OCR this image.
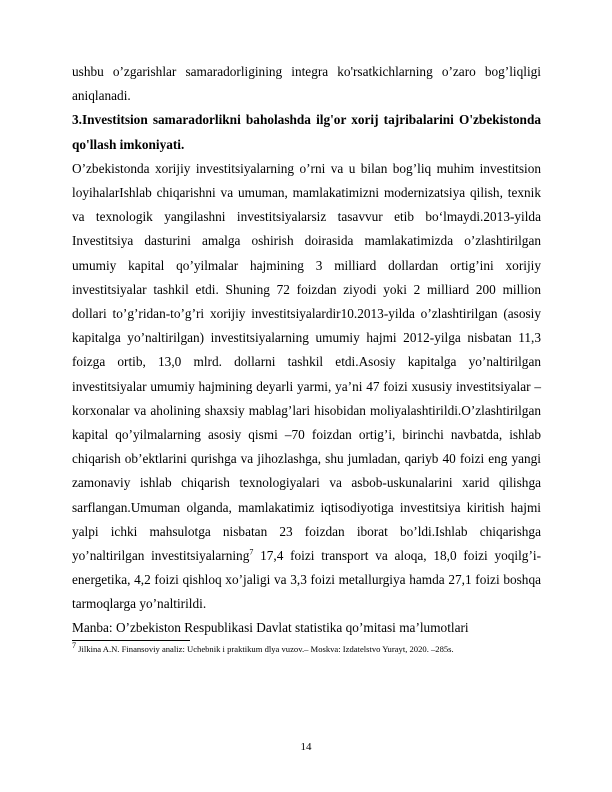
ushbu o’zgarishlar samaradorligining integra ko'rsatkichlarning o’zaro bog’liqligi aniqlanadi.

3.Investitsion samaradorlikni baholashda ilg'or xorij tajribalarini O'zbekistonda qo'llash imkoniyati.

O’zbekistonda xorijiy investitsiyalarning o’rni va u bilan bog’liq muhim investitsion loyihalarIshlab chiqarishni va umuman, mamlakatimizni modernizatsiya qilish, texnik va texnologik yangilashni investitsiyalarsiz tasavvur etib bo‘lmaydi.2013-yilda Investitsiya dasturini amalga oshirish doirasida mamlakatimizda o’zlashtirilgan umumiy kapital qo’yilmalar hajmining 3 milliard dollardan ortig’ini xorijiy investitsiyalar tashkil etdi. Shuning 72 foizdan ziyodi yoki 2 milliard 200 million dollari to’g’ridan-to’g’ri xorijiy investitsiyalardir10.2013-yilda o’zlashtirilgan (asosiy kapitalga yo’naltirilgan) investitsiyalarning umumiy hajmi 2012-yilga nisbatan 11,3 foizga ortib, 13,0 mlrd. dollarni tashkil etdi.Asosiy kapitalga yo’naltirilgan investitsiyalar umumiy hajmining deyarli yarmi, ya’ni 47 foizi xususiy investitsiyalar – korxonalar va aholining shaxsiy mablag’lari hisobidan moliyalashtirildi.O’zlashtirilgan kapital qo’yilmalarning asosiy qismi –70 foizdan ortig’i, birinchi navbatda, ishlab chiqarish ob’ektlarini qurishga va jihozlashga, shu jumladan, qariyb 40 foizi eng yangi zamonaviy ishlab chiqarish texnologiyalari va asbob-uskunalarini xarid qilishga sarflangan.Umuman olganda, mamlakatimiz iqtisodiyotiga investitsiya kiritish hajmi yalpi ichki mahsulotga nisbatan 23 foizdan iborat bo’ldi.Ishlab chiqarishga yo’naltirilgan investitsiyalarning$^7$ 17,4 foizi transport va aloqa, 18,0 foizi yoqilg’i-energetika, 4,2 foizi qishloq xo’jaligi va 3,3 foizi metallurgiya hamda 27,1 foizi boshqa tarmoqlarga yo’naltirildi.

Manba: O’zbekiston Respublikasi Davlat statistika qo’mitasi ma’lumotlari

$^7$ Jilkina A.N. Finansoviy analiz: Uchebnik i praktikum dlya vuzov.– Moskva: Izdatelstvo Yurayt, 2020. –285s.

14
